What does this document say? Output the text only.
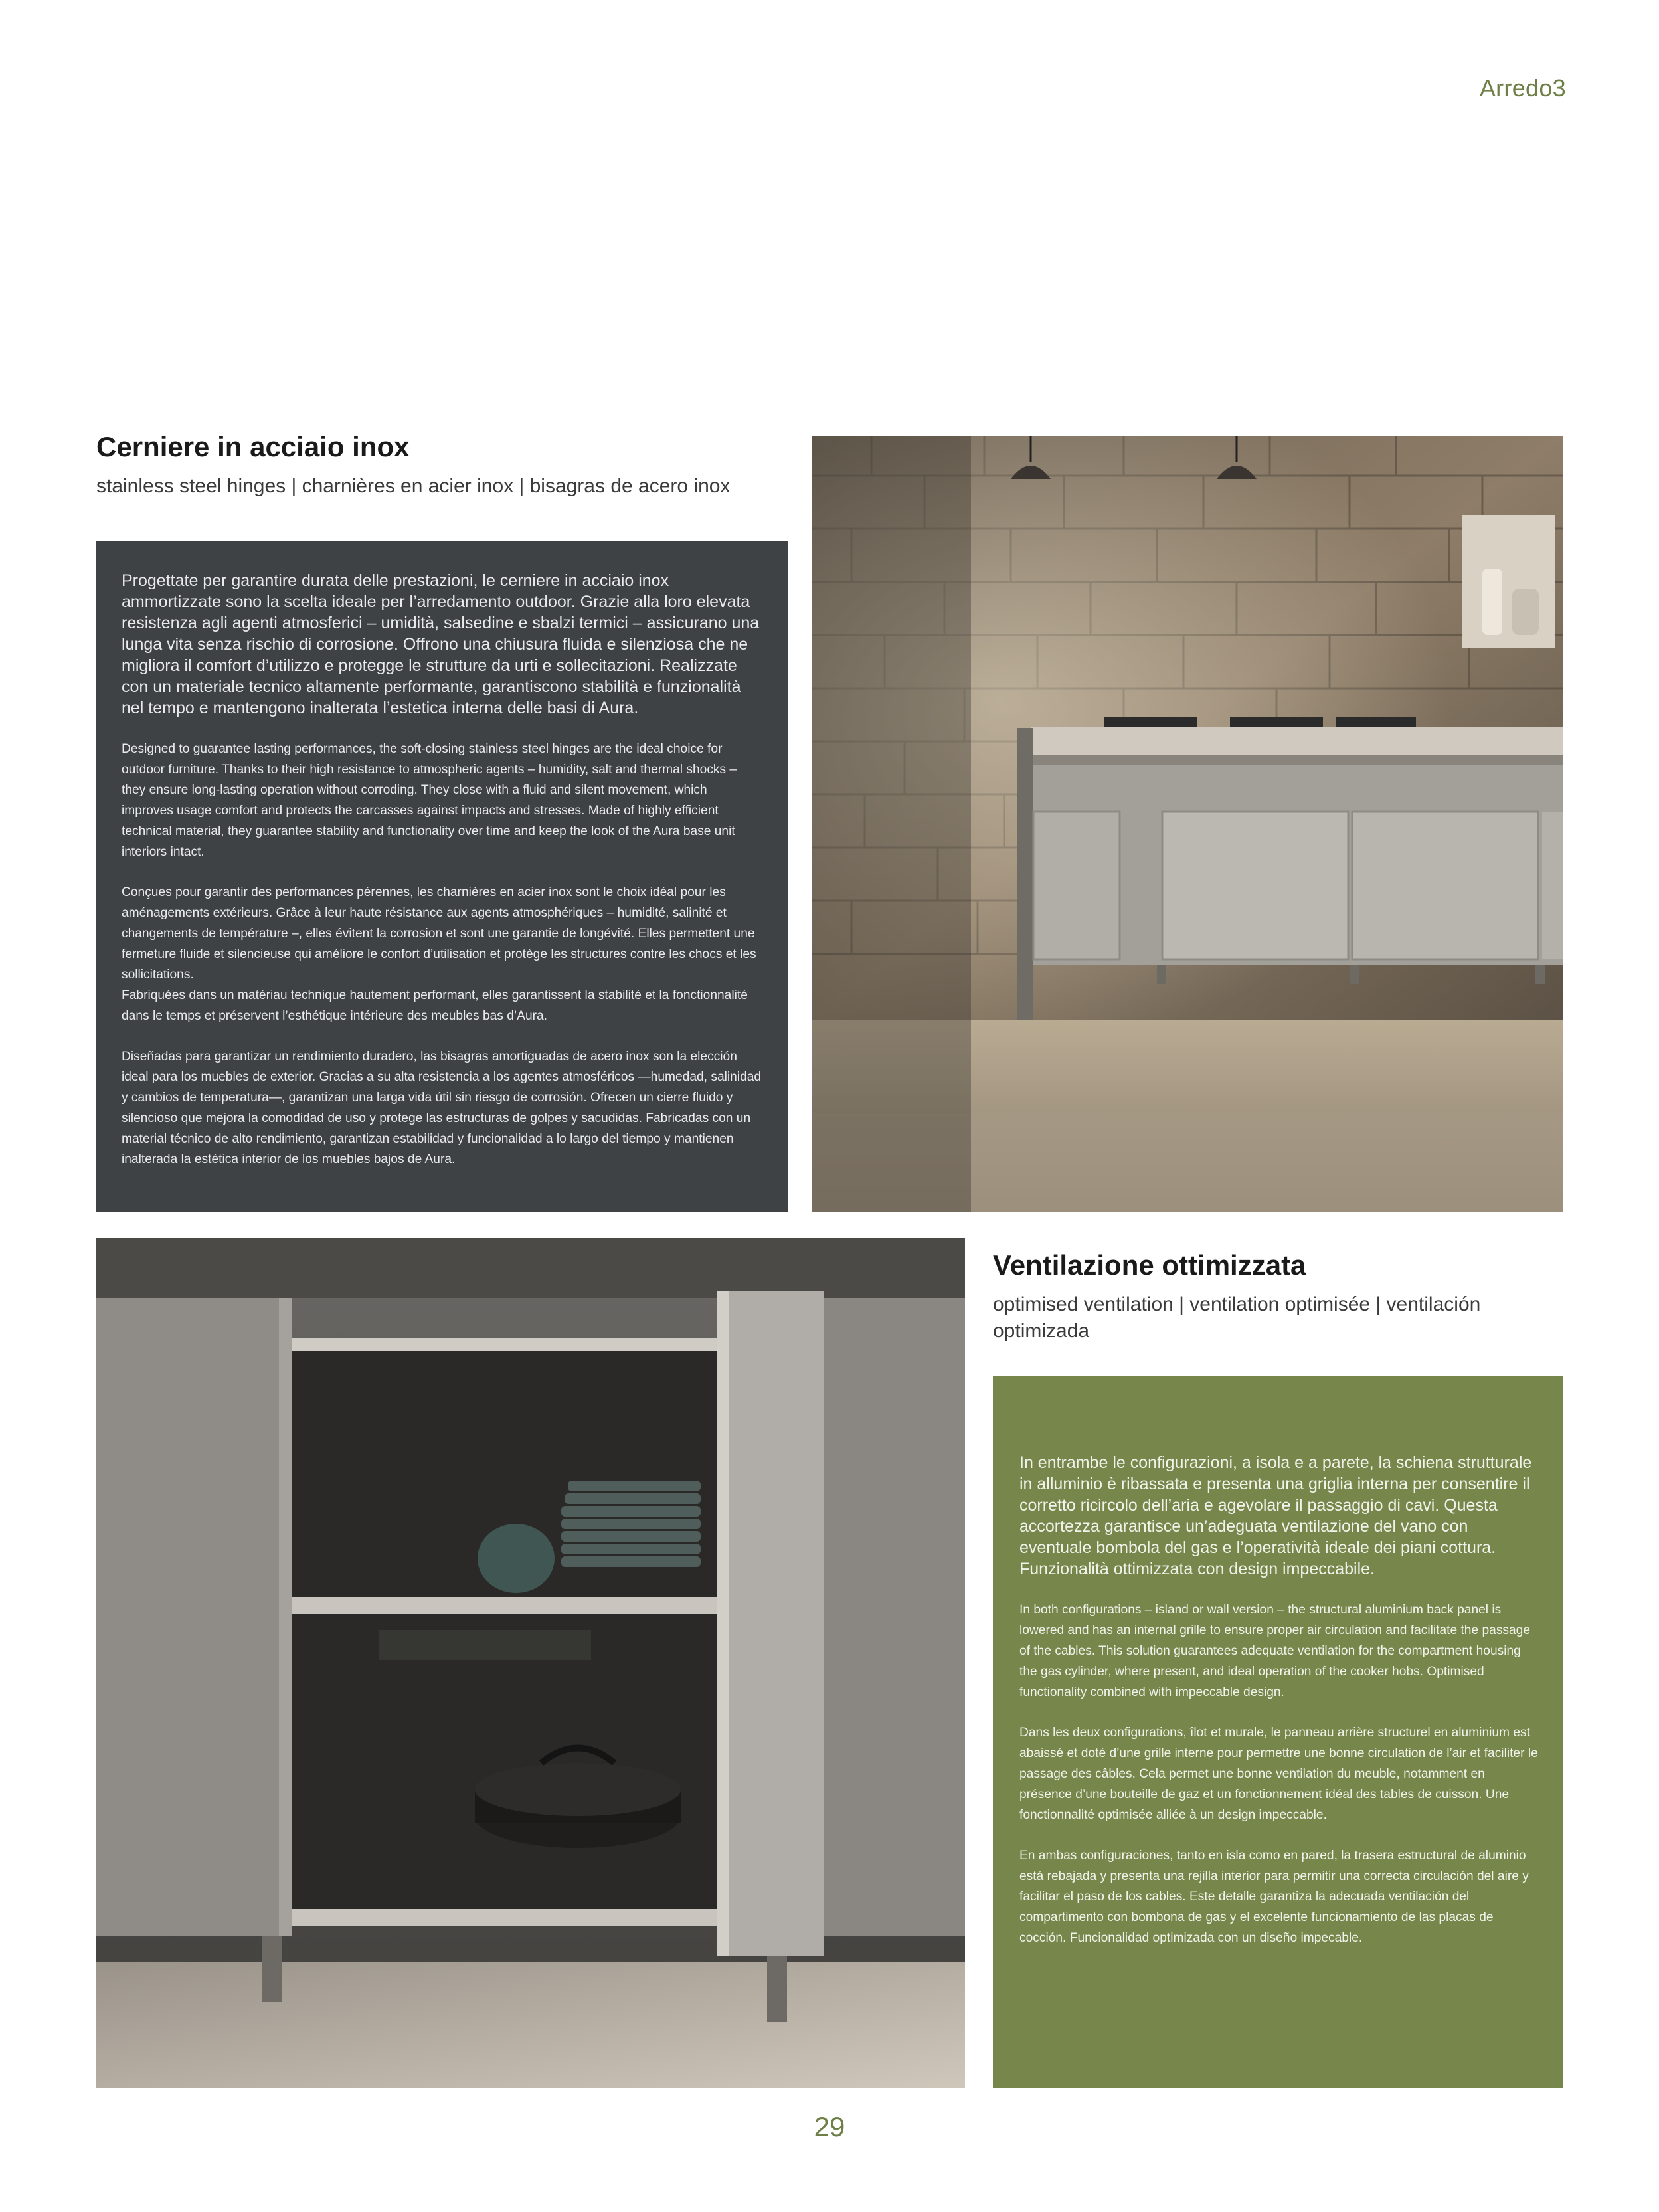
Arredo3
Cerniere in acciaio inox

stainless steel hinges | charnières en acier inox | bisagras de acero inox

Progettate per garantire durata delle prestazioni, le cerniere in acciaio inox ammortizzate sono la scelta ideale per l’arredamento outdoor. Grazie alla loro elevata resistenza agli agenti atmosferici – umidità, salsedine e sbalzi termici – assicurano una lunga vita senza rischio di corrosione. Offrono una chiusura fluida e silenziosa che ne migliora il comfort d’utilizzo e protegge le strutture da urti e sollecitazioni. Realizzate con un materiale tecnico altamente performante, garantiscono stabilità e funzionalità nel tempo e mantengono inalterata l’estetica interna delle basi di Aura.

Designed to guarantee lasting performances, the soft-closing stainless steel hinges are the ideal choice for outdoor furniture. Thanks to their high resistance to atmospheric agents – humidity, salt and thermal shocks – they ensure long-lasting operation without corroding. They close with a fluid and silent movement, which improves usage comfort and protects the carcasses against impacts and stresses. Made of highly efficient technical material, they guarantee stability and functionality over time and keep the look of the Aura base unit interiors intact.

Conçues pour garantir des performances pérennes, les charnières en acier inox sont le choix idéal pour les aménagements extérieurs. Grâce à leur haute résistance aux agents atmosphériques – humidité, salinité et changements de température –, elles évitent la corrosion et sont une garantie de longévité. Elles permettent une fermeture fluide et silencieuse qui améliore le confort d’utilisation et protège les structures contre les chocs et les sollicitations.

Fabriquées dans un matériau technique hautement performant, elles garantissent la stabilité et la fonctionnalité dans le temps et préservent l’esthétique intérieure des meubles bas d’Aura.

Diseñadas para garantizar un rendimiento duradero, las bisagras amortiguadas de acero inox son la elección ideal para los muebles de exterior. Gracias a su alta resistencia a los agentes atmosféricos —humedad, salinidad y cambios de temperatura—, garantizan una larga vida útil sin riesgo de corrosión. Ofrecen un cierre fluido y silencioso que mejora la comodidad de uso y protege las estructuras de golpes y sacudidas. Fabricadas con un material técnico de alto rendimiento, garantizan estabilidad y funcionalidad a lo largo del tiempo y mantienen inalterada la estética interior de los muebles bajos de Aura.

Ventilazione ottimizzata

optimised ventilation | ventilation optimisée | ventilación optimizada

In entrambe le configurazioni, a isola e a parete, la schiena strutturale in alluminio è ribassata e presenta una griglia interna per consentire il corretto ricircolo dell’aria e agevolare il passaggio di cavi. Questa accortezza garantisce un’adeguata ventilazione del vano con eventuale bombola del gas e l’operatività ideale dei piani cottura. Funzionalità ottimizzata con design impeccabile.

In both configurations – island or wall version – the structural aluminium back panel is lowered and has an internal grille to ensure proper air circulation and facilitate the passage of the cables. This solution guarantees adequate ventilation for the compartment housing the gas cylinder, where present, and ideal operation of the cooker hobs. Optimised functionality combined with impeccable design.

Dans les deux configurations, îlot et murale, le panneau arrière structurel en aluminium est abaissé et doté d’une grille interne pour permettre une bonne circulation de l’air et faciliter le passage des câbles. Cela permet une bonne ventilation du meuble, notamment en présence d’une bouteille de gaz et un fonctionnement idéal des tables de cuisson. Une fonctionnalité optimisée alliée à un design impeccable.

En ambas configuraciones, tanto en isla como en pared, la trasera estructural de aluminio está rebajada y presenta una rejilla interior para permitir una correcta circulación del aire y facilitar el paso de los cables. Este detalle garantiza la adecuada ventilación del compartimento con bombona de gas y el excelente funcionamiento de las placas de cocción. Funcionalidad optimizada con un diseño impecable.

29
